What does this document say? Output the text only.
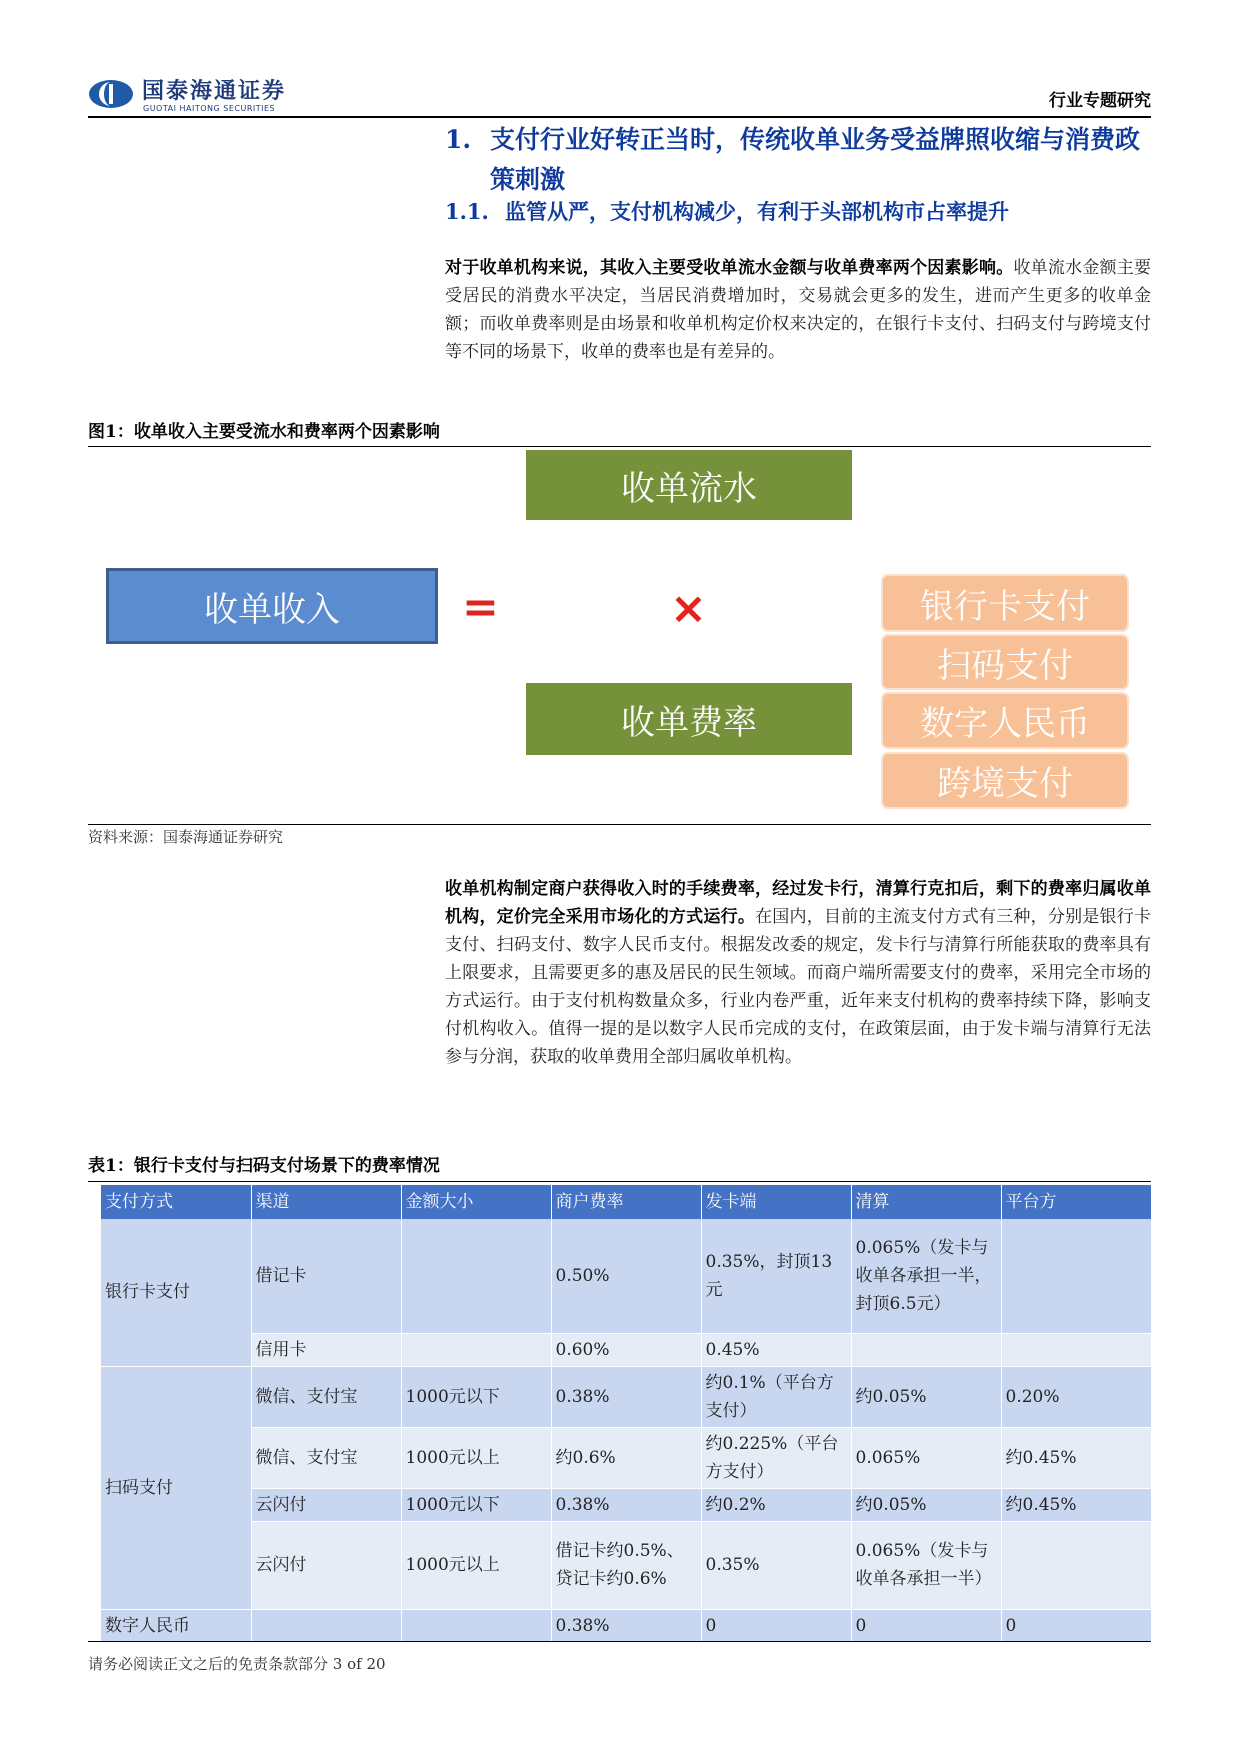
国泰海通证券
GUOTAI HAITONG SECURITIES	行业专题研究
1. 支付行业好转正当时，传统收单业务受益牌照收缩与消费政策刺激
1.1. 监管从严，支付机构减少，有利于头部机构市占率提升
对于收单机构来说，其收入主要受收单流水金额与收单费率两个因素影响。收单流水金额主要受居民的消费水平决定，当居民消费增加时，交易就会更多的发生，进而产生更多的收单金额；而收单费率则是由场景和收单机构定价权来决定的，在银行卡支付、扫码支付与跨境支付等不同的场景下，收单的费率也是有差异的。
图1：收单收入主要受流水和费率两个因素影响
收单流水
收单收入	=	×
收单费率
银行卡支付
扫码支付
数字人民币
跨境支付
资料来源：国泰海通证券研究
收单机构制定商户获得收入时的手续费率，经过发卡行，清算行克扣后，剩下的费率归属收单机构，定价完全采用市场化的方式运行。在国内，目前的主流支付方式有三种，分别是银行卡支付、扫码支付、数字人民币支付。根据发改委的规定，发卡行与清算行所能获取的费率具有上限要求，且需要更多的惠及居民的民生领域。而商户端所需要支付的费率，采用完全市场的方式运行。由于支付机构数量众多，行业内卷严重，近年来支付机构的费率持续下降，影响支付机构收入。值得一提的是以数字人民币完成的支付，在政策层面，由于发卡端与清算行无法参与分润，获取的收单费用全部归属收单机构。
表1：银行卡支付与扫码支付场景下的费率情况
支付方式	渠道	金额大小	商户费率	发卡端	清算	平台方
银行卡支付	借记卡		0.50%	0.35%，封顶13元	0.065%（发卡与收单各承担一半，封顶6.5元）	
	信用卡		0.60%	0.45%		
扫码支付	微信、支付宝	1000元以下	0.38%	约0.1%（平台方支付）	约0.05%	0.20%
	微信、支付宝	1000元以上	约0.6%	约0.225%（平台方支付）	0.065%	约0.45%
	云闪付	1000元以下	0.38%	约0.2%	约0.05%	约0.45%
	云闪付	1000元以上	借记卡约0.5%、贷记卡约0.6%	0.35%	0.065%（发卡与收单各承担一半）	
数字人民币			0.38%	0	0	0
请务必阅读正文之后的免责条款部分 3 of 20
